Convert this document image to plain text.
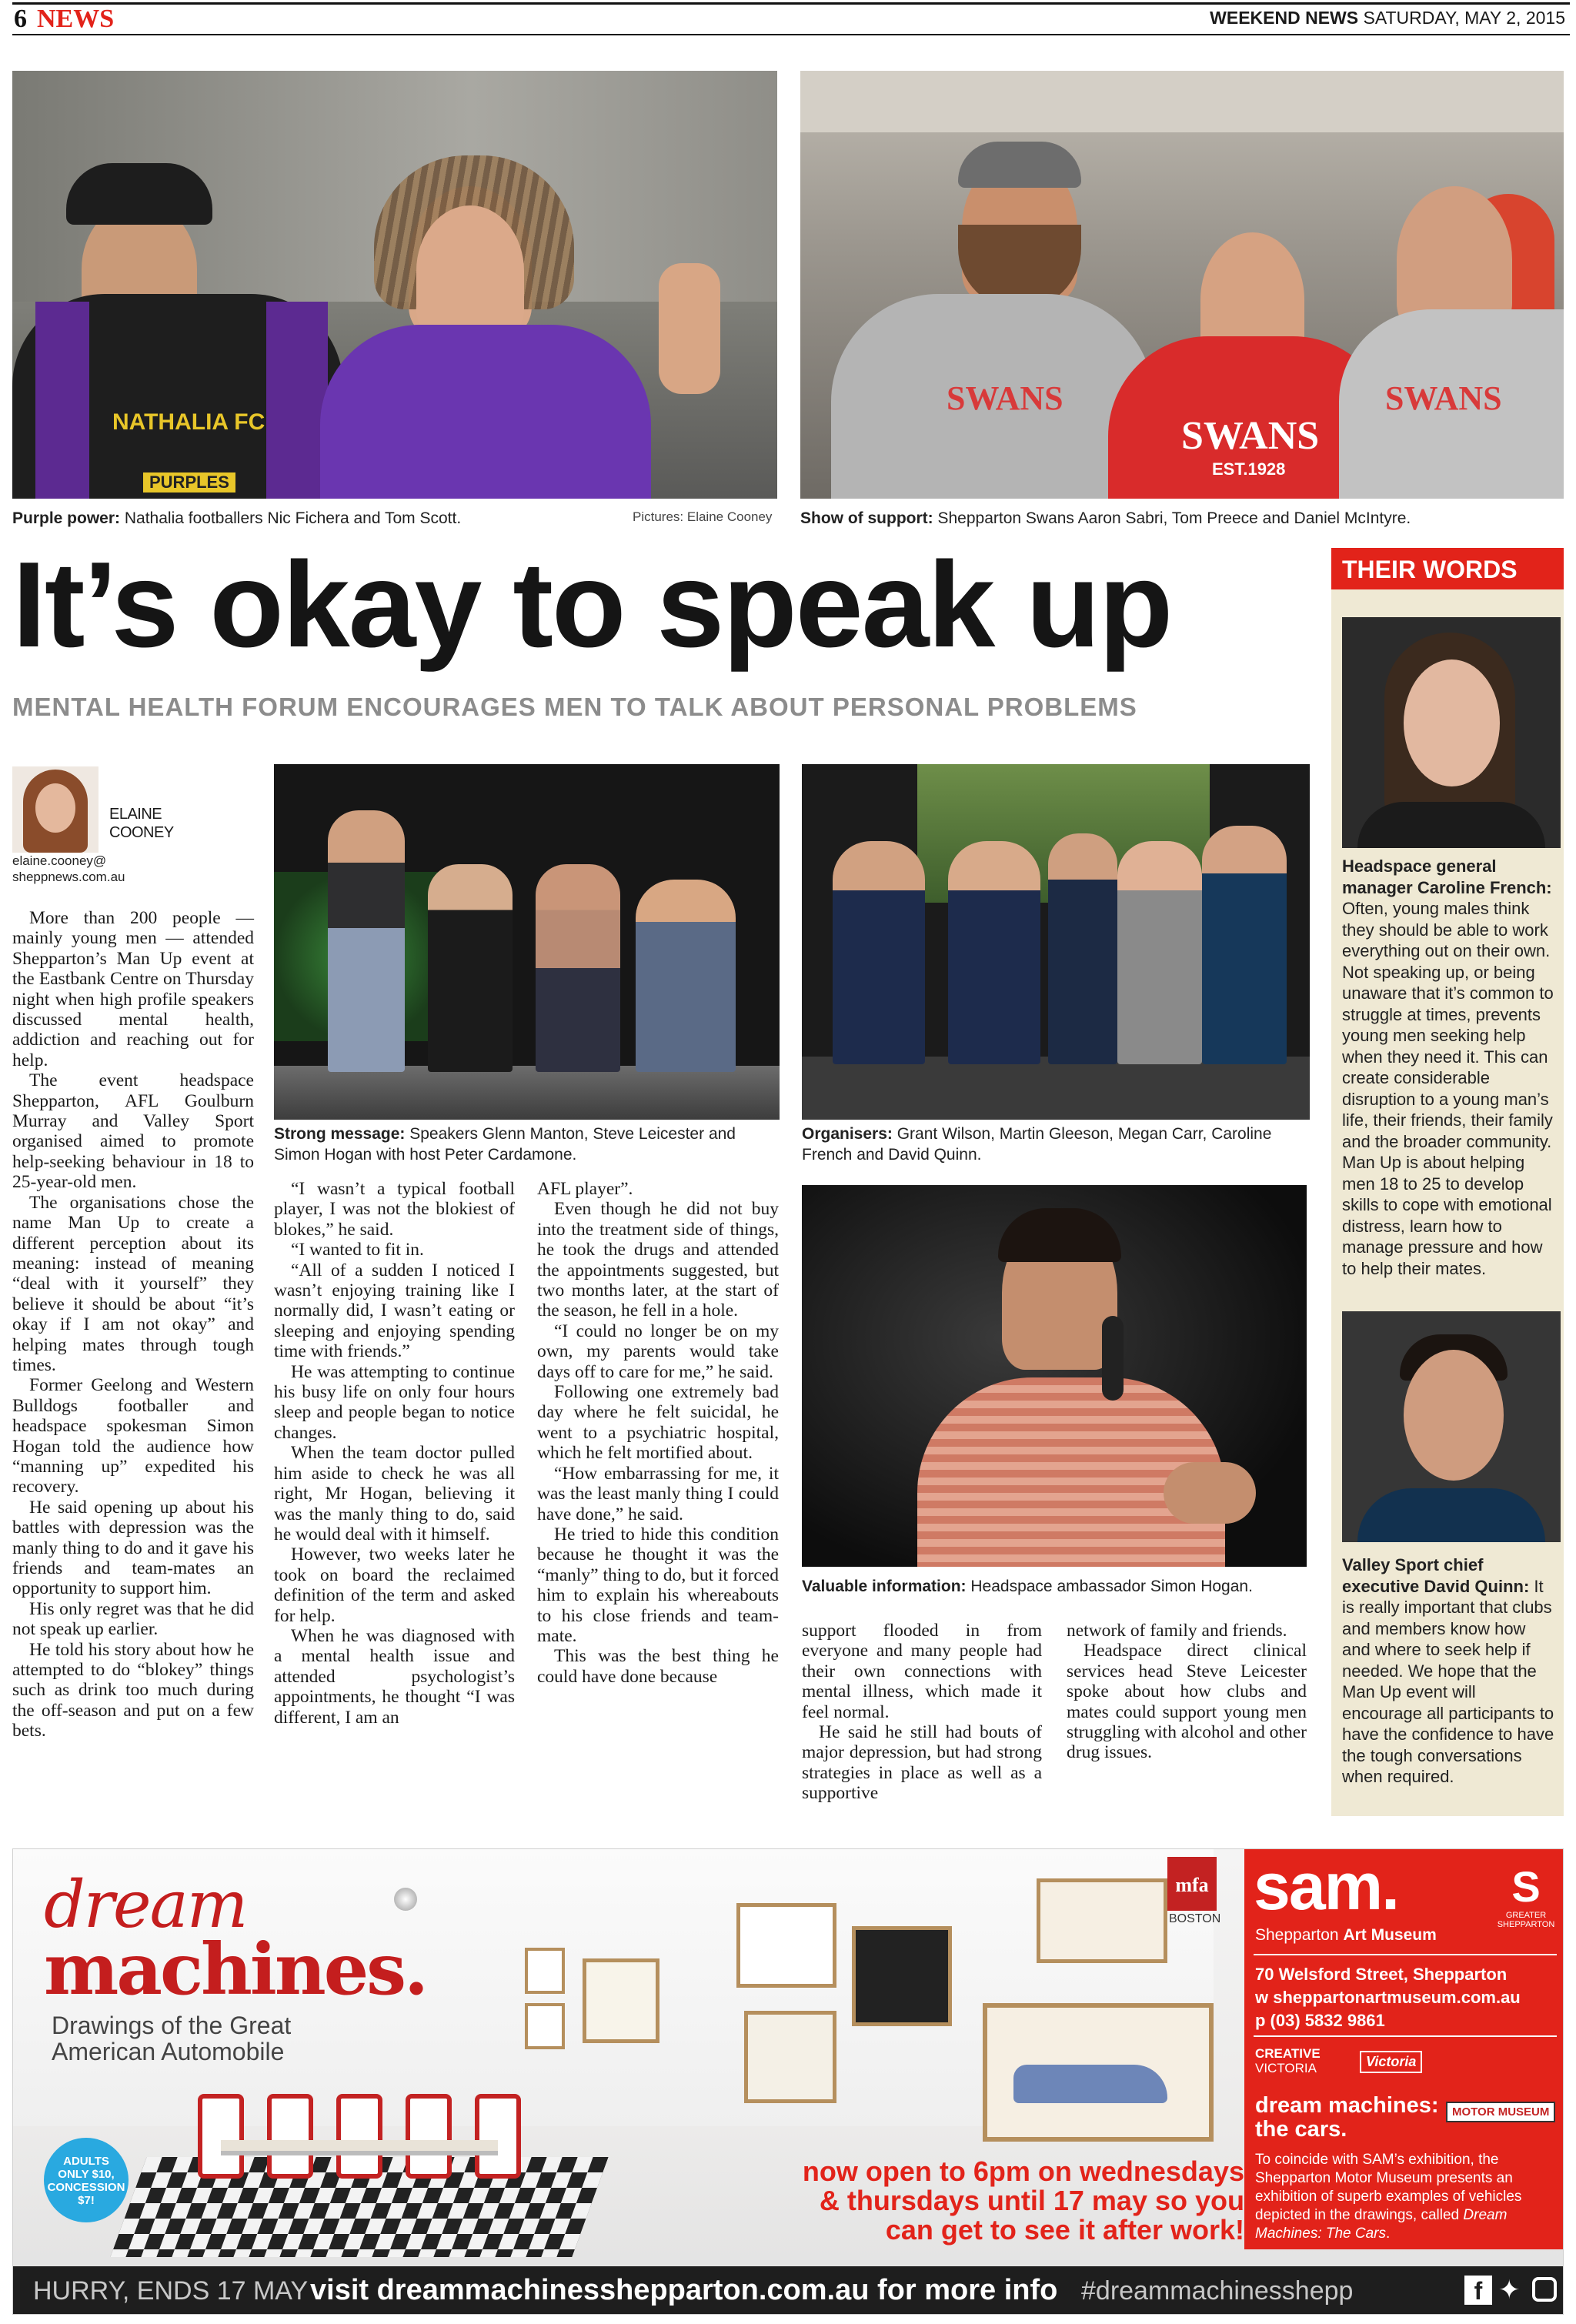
6 NEWS	WEEKEND NEWS SATURDAY, MAY 2, 2015
NATHALIA FC
PURPLES
SWANS
SWANS
EST.1928
SWANS
Purple power: Nathalia footballers Nic Fichera and Tom Scott.	Pictures: Elaine Cooney Show of support: Shepparton Swans Aaron Sabri, Tom Preece and Daniel McIntyre.
It’s okay to speak up
MENTAL HEALTH FORUM ENCOURAGES MEN TO TALK ABOUT PERSONAL PROBLEMS
ELAINE
COONEY
elaine.cooney@
sheppnews.com.au

More than 200 people — mainly young men — attended Shepparton’s Man Up event at the Eastbank Centre on Thursday night when high profile speakers discussed mental health, addiction and reaching out for help.

The event headspace Shepparton, AFL Goulburn Murray and Valley Sport organised aimed to promote help-seeking behaviour in 18 to 25-year-old men.

The organisations chose the name Man Up to create a different perception about its meaning: instead of meaning “deal with it yourself” they believe it should be about “it’s okay if I am not okay” and helping mates through tough times.

Former Geelong and Western Bulldogs footballer and headspace spokesman Simon Hogan told the audience how “manning up” expedited his recovery.

He said opening up about his battles with depression was the manly thing to do and it gave his friends and team-mates an opportunity to support him.

His only regret was that he did not speak up earlier.

He told his story about how he attempted to do “blokey” things such as drink too much during the off-season and put on a few bets.

Strong message: Speakers Glenn Manton, Steve Leicester and Simon Hogan with host Peter Cardamone.
Organisers: Grant Wilson, Martin Gleeson, Megan Carr, Caroline French and David Quinn.

“I wasn’t a typical football player, I was not the blokiest of blokes,” he said.

“I wanted to fit in.

“All of a sudden I noticed I wasn’t enjoying training like I normally did, I wasn’t eating or sleeping and enjoying spending time with friends.”

He was attempting to continue his busy life on only four hours sleep and people began to notice changes.

When the team doctor pulled him aside to check he was all right, Mr Hogan, believing it was the manly thing to do, said he would deal with it himself.

However, two weeks later he took on board the reclaimed definition of the term and asked for help.

When he was diagnosed with a mental health issue and attended psychologist’s appointments, he thought “I was different, I am an

AFL player”.

Even though he did not buy into the treatment side of things, he took the drugs and attended the appointments suggested, but two months later, at the start of the season, he fell in a hole.

“I could no longer be on my own, my parents would take days off to care for me,” he said.

Following one extremely bad day where he felt suicidal, he went to a psychiatric hospital, which he felt mortified about.

“How embarrassing for me, it was the least manly thing I could have done,” he said.

He tried to hide this condition because he thought it was the “manly” thing to do, but it forced him to explain his whereabouts to his close friends and team-mate.

This was the best thing he could have done because

Valuable information: Headspace ambassador Simon Hogan.

support flooded in from everyone and many people had their own connections with mental illness, which made it feel normal.

He said he still had bouts of major depression, but had strong strategies in place as well as a supportive

network of family and friends.

Headspace direct clinical services head Steve Leicester spoke about how clubs and mates could support young men struggling with alcohol and other drug issues.

THEIR WORDS
Headspace general manager Caroline French: Often, young males think they should be able to work everything out on their own. Not speaking up, or being unaware that it’s common to struggle at times, prevents young men seeking help when they need it. This can create considerable disruption to a young man’s life, their friends, their family and the broader community. Man Up is about helping men 18 to 25 to develop skills to cope with emotional distress, learn how to manage pressure and how to help their mates.
Valley Sport chief executive David Quinn: It is really important that clubs and members know how and where to seek help if needed. We hope that the Man Up event will encourage all participants to have the confidence to have the tough conversations when required.
dream
machines.
Drawings of the Great
American Automobile
ADULTS
ONLY $10,
CONCESSION
$7!
now open to 6pm on wednesdays
& thursdays until 17 may so you
can get to see it after work!
mfa
BOSTON sam.
Shepparton Art Museum
S
GREATER
SHEPPARTON
70 Welsford Street, Shepparton
w sheppartonartmuseum.com.au
p (03) 5832 9861
CREATIVE
VICTORIA	Victoria
dream machines:
the cars.
MOTOR MUSEUM
To coincide with SAM’s exhibition, the Shepparton Motor Museum presents an exhibition of superb examples of vehicles depicted in the drawings, called Dream Machines: The Cars.
HURRY, ENDS 17 MAY visit dreammachinesshepparton.com.au for more info #dreammachinesshepp	f ✦
